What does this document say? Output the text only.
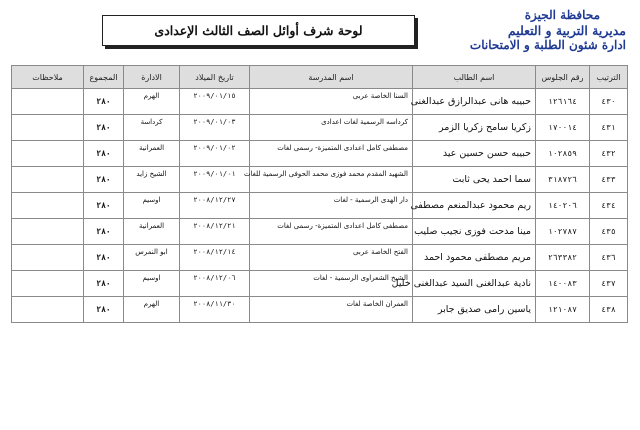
محافظة الجيزة
مديرية التربية و التعليم
ادارة شئون الطلبة و الامتحانات
لوحة شرف أوائل الصف الثالث الإعدادى
الترتيب	رقم الجلوس	اسم الطالب	اسم المدرسة	تاريخ الميلاد	الادارة	المجموع	ملاحظات
٤٣٠	١٢٦١٦٤	حبيبه هانى عبدالرازق عبدالغنى	السنا الخاصة عربى	٢٠٠٩/٠١/١٥	الهرم	٢٨٠	
٤٣١	١٧٠٠١٤	زكريا سامح زكريا الزمر	كرداسه الرسمية لغات اعدادى	٢٠٠٩/٠١/٠٣	كرداسة	٢٨٠	
٤٣٢	١٠٢٨٥٩	حبيبه حسن حسين عيد	مصطفى كامل اعدادى المتميزة- رسمى لغات	٢٠٠٩/٠١/٠٢	العمرانية	٢٨٠	
٤٣٣	٣١٨٧٢٦	سما احمد يحى ثابت	الشهيد المقدم محمد فوزى محمد الحوفى الرسمية للغات	٢٠٠٩/٠١/٠١	الشيخ زايد	٢٨٠	
٤٣٤	١٤٠٢٠٦	ريم محمود عبدالمنعم مصطفى	دار الهدى الرسمية - لغات	٢٠٠٨/١٢/٢٧	اوسيم	٢٨٠	
٤٣٥	١٠٢٧٨٧	مينا مدحت فوزى نجيب صليب	مصطفى كامل اعدادى المتميزة- رسمى لغات	٢٠٠٨/١٢/٢١	العمرانية	٢٨٠	
٤٣٦	٢٦٣٣٨٢	مريم مصطفى محمود احمد	الفتح الخاصة عربى	٢٠٠٨/١٢/١٤	ابو النمرس	٢٨٠	
٤٣٧	١٤٠٠٨٣	نادية عبدالغنى السيد عبدالغنى خليل	الشيخ الشعراوى الرسمية - لغات	٢٠٠٨/١٢/٠٦	اوسيم	٢٨٠	
٤٣٨	١٢١٠٨٧	ياسين رامى صديق جابر	العمران الخاصة لغات	٢٠٠٨/١١/٣٠	الهرم	٢٨٠	
